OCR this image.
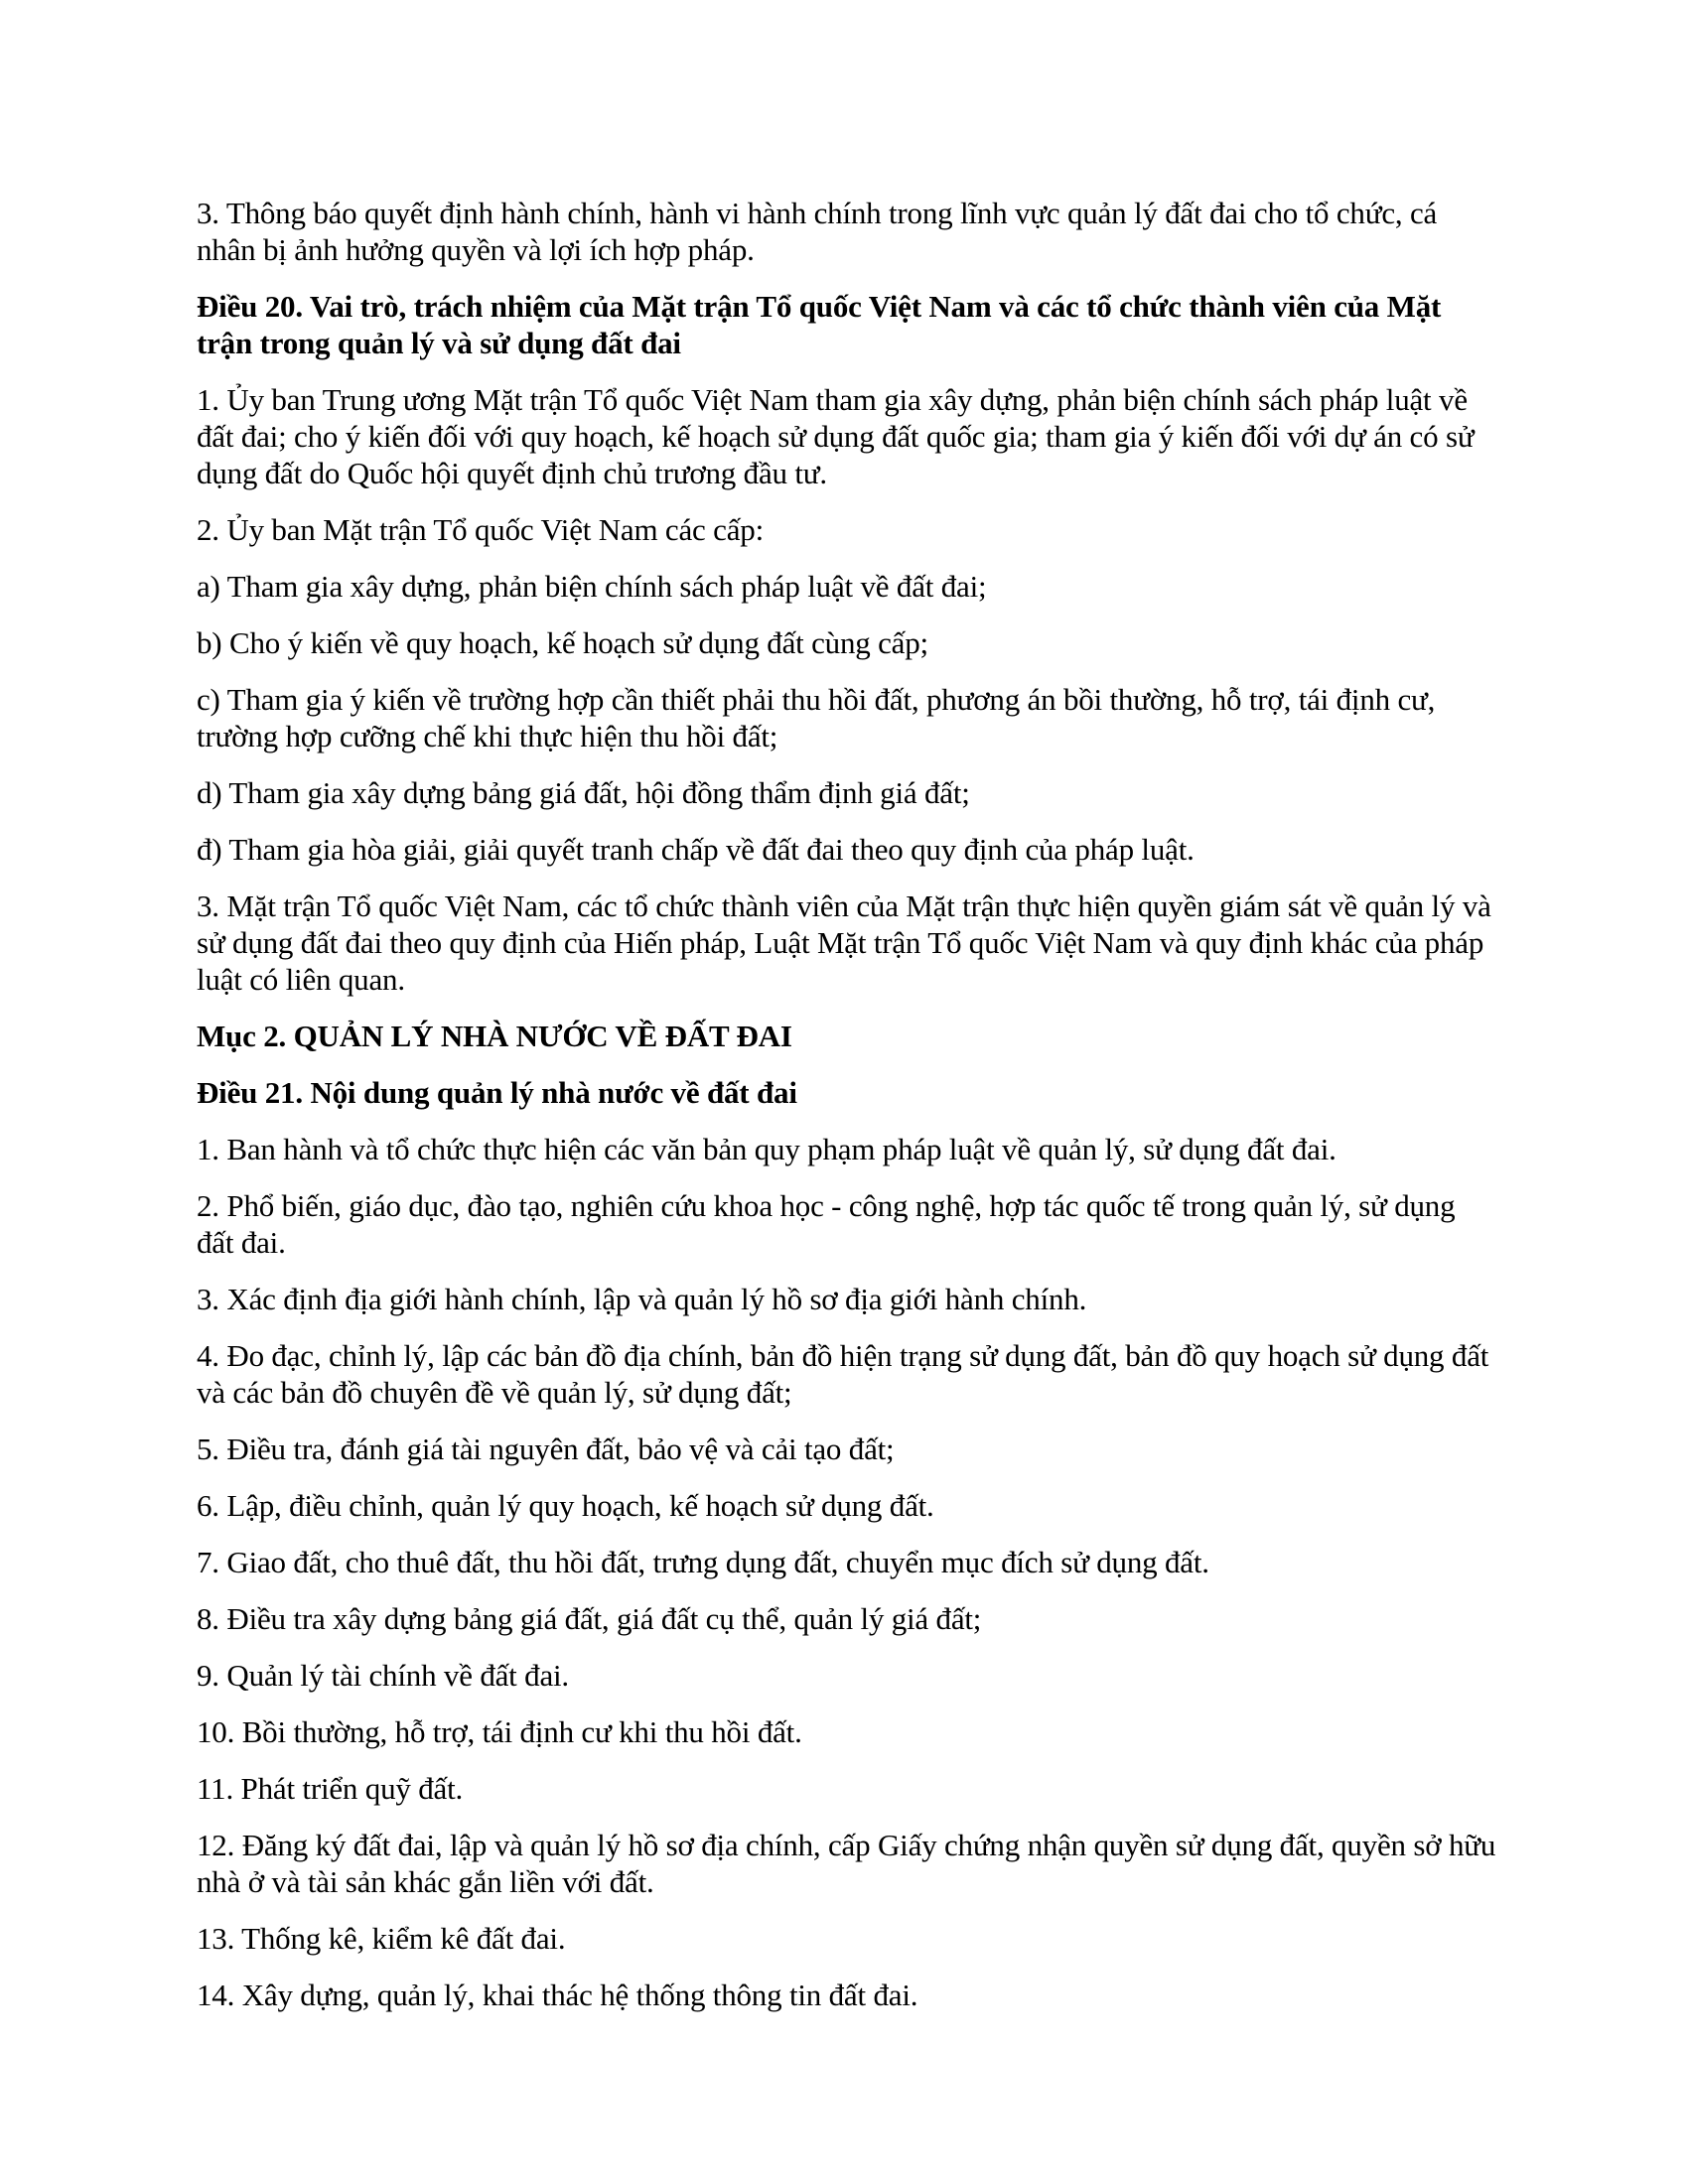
3. Thông báo quyết định hành chính, hành vi hành chính trong lĩnh vực quản lý đất đai cho tổ chức, cá nhân bị ảnh hưởng quyền và lợi ích hợp pháp.

Điều 20. Vai trò, trách nhiệm của Mặt trận Tổ quốc Việt Nam và các tổ chức thành viên của Mặt trận trong quản lý và sử dụng đất đai

1. Ủy ban Trung ương Mặt trận Tổ quốc Việt Nam tham gia xây dựng, phản biện chính sách pháp luật về đất đai; cho ý kiến đối với quy hoạch, kế hoạch sử dụng đất quốc gia; tham gia ý kiến đối với dự án có sử dụng đất do Quốc hội quyết định chủ trương đầu tư.

2. Ủy ban Mặt trận Tổ quốc Việt Nam các cấp:

a) Tham gia xây dựng, phản biện chính sách pháp luật về đất đai;

b) Cho ý kiến về quy hoạch, kế hoạch sử dụng đất cùng cấp;

c) Tham gia ý kiến về trường hợp cần thiết phải thu hồi đất, phương án bồi thường, hỗ trợ, tái định cư, trường hợp cưỡng chế khi thực hiện thu hồi đất;

d) Tham gia xây dựng bảng giá đất, hội đồng thẩm định giá đất;

đ) Tham gia hòa giải, giải quyết tranh chấp về đất đai theo quy định của pháp luật.

3. Mặt trận Tổ quốc Việt Nam, các tổ chức thành viên của Mặt trận thực hiện quyền giám sát về quản lý và sử dụng đất đai theo quy định của Hiến pháp, Luật Mặt trận Tổ quốc Việt Nam và quy định khác của pháp luật có liên quan.

Mục 2. QUẢN LÝ NHÀ NƯỚC VỀ ĐẤT ĐAI

Điều 21. Nội dung quản lý nhà nước về đất đai

1. Ban hành và tổ chức thực hiện các văn bản quy phạm pháp luật về quản lý, sử dụng đất đai.

2. Phổ biến, giáo dục, đào tạo, nghiên cứu khoa học - công nghệ, hợp tác quốc tế trong quản lý, sử dụng đất đai.

3. Xác định địa giới hành chính, lập và quản lý hồ sơ địa giới hành chính.

4. Đo đạc, chỉnh lý, lập các bản đồ địa chính, bản đồ hiện trạng sử dụng đất, bản đồ quy hoạch sử dụng đất và các bản đồ chuyên đề về quản lý, sử dụng đất;

5. Điều tra, đánh giá tài nguyên đất, bảo vệ và cải tạo đất;

6. Lập, điều chỉnh, quản lý quy hoạch, kế hoạch sử dụng đất.

7. Giao đất, cho thuê đất, thu hồi đất, trưng dụng đất, chuyển mục đích sử dụng đất.

8. Điều tra xây dựng bảng giá đất, giá đất cụ thể, quản lý giá đất;

9. Quản lý tài chính về đất đai.

10. Bồi thường, hỗ trợ, tái định cư khi thu hồi đất.

11. Phát triển quỹ đất.

12. Đăng ký đất đai, lập và quản lý hồ sơ địa chính, cấp Giấy chứng nhận quyền sử dụng đất, quyền sở hữu nhà ở và tài sản khác gắn liền với đất.

13. Thống kê, kiểm kê đất đai.

14. Xây dựng, quản lý, khai thác hệ thống thông tin đất đai.
